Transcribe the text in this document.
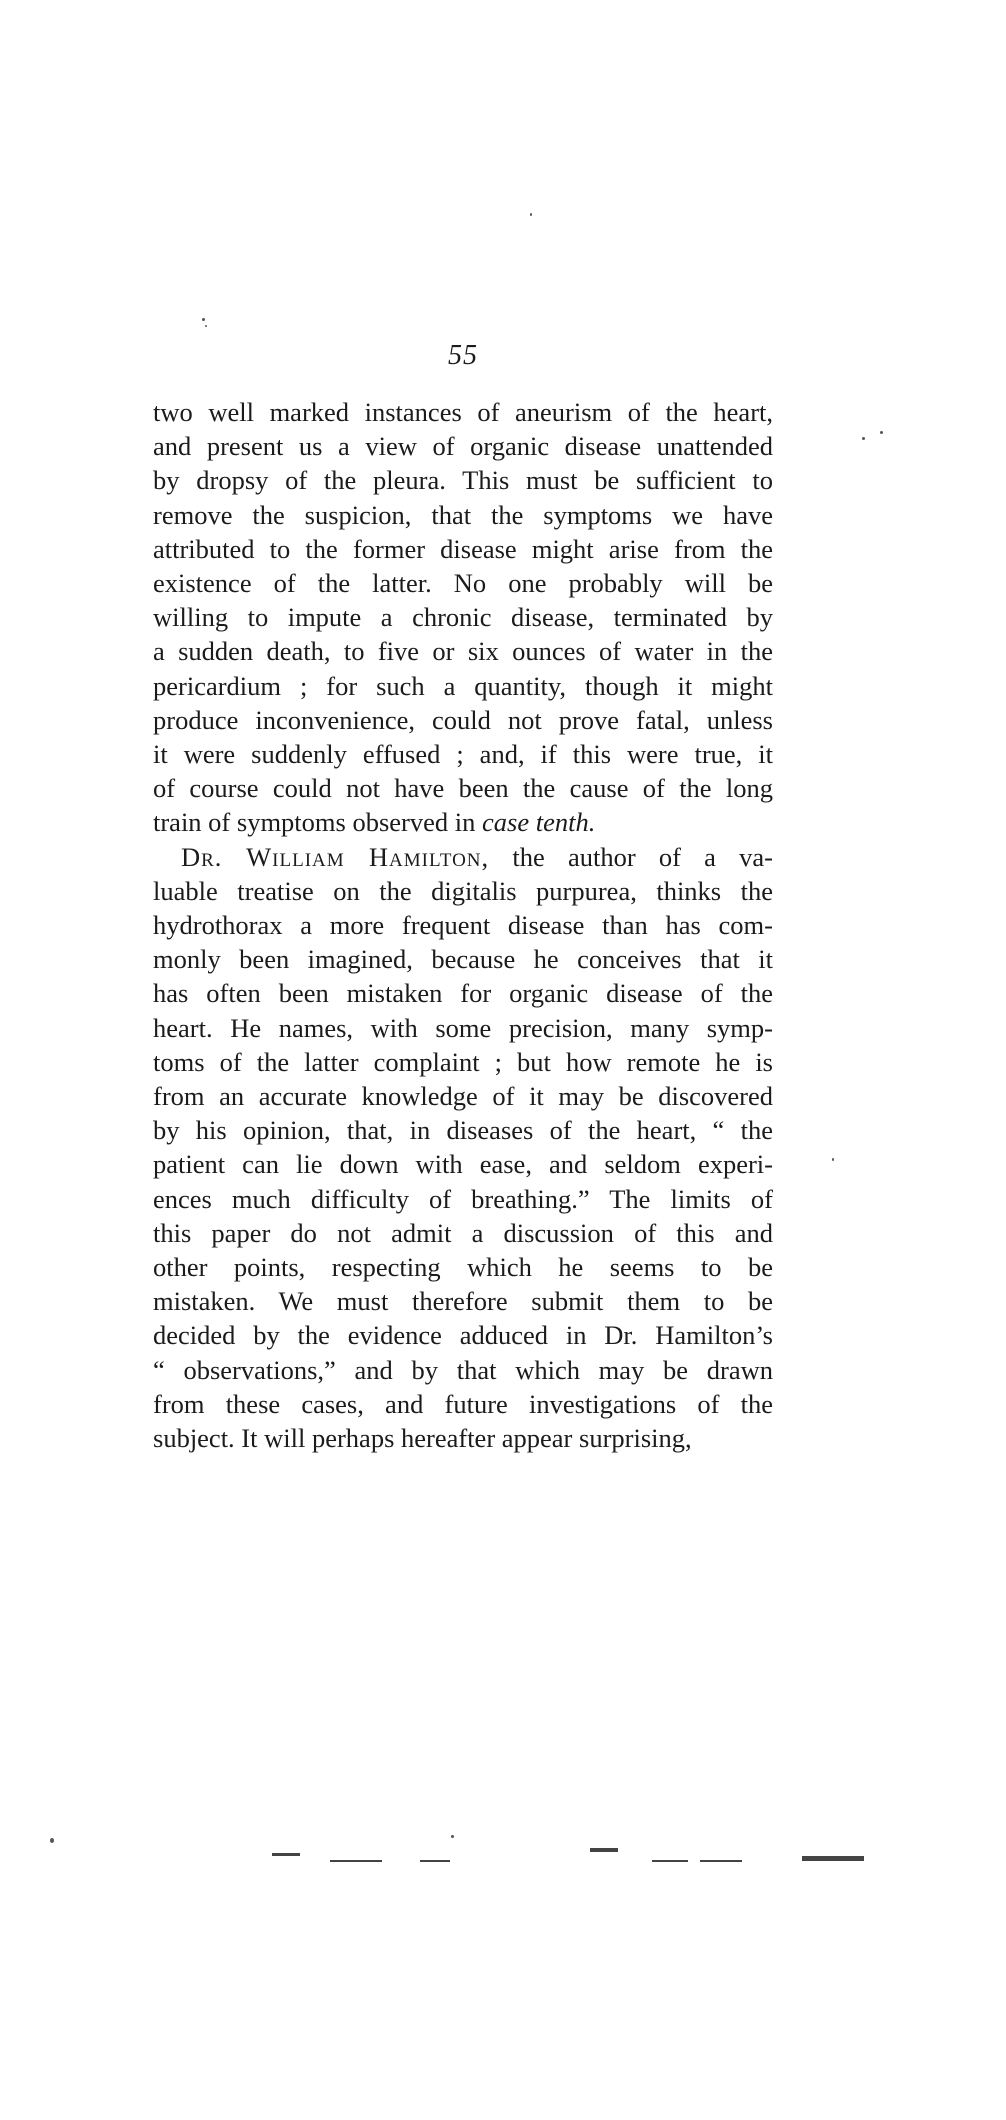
55
two well marked instances of aneurism of the heart,
and present us a view of organic disease unattended
by dropsy of the pleura. This must be sufficient to
remove the suspicion, that the symptoms we have
attributed to the former disease might arise from the
existence of the latter. No one probably will be
willing to impute a chronic disease, terminated by
a sudden death, to five or six ounces of water in the
pericardium ; for such a quantity, though it might
produce inconvenience, could not prove fatal, unless
it were suddenly effused ; and, if this were true, it
of course could not have been the cause of the long
train of symptoms observed in case tenth.
Dr. William Hamilton, the author of a va-
luable treatise on the digitalis purpurea, thinks the
hydrothorax a more frequent disease than has com-
monly been imagined, because he conceives that it
has often been mistaken for organic disease of the
heart. He names, with some precision, many symp-
toms of the latter complaint ; but how remote he is
from an accurate knowledge of it may be discovered
by his opinion, that, in diseases of the heart, “ the
patient can lie down with ease, and seldom experi-
ences much difficulty of breathing.” The limits of
this paper do not admit a discussion of this and
other points, respecting which he seems to be
mistaken. We must therefore submit them to be
decided by the evidence adduced in Dr. Hamilton’s
“ observations,” and by that which may be drawn
from these cases, and future investigations of the
subject. It will perhaps hereafter appear surprising,
